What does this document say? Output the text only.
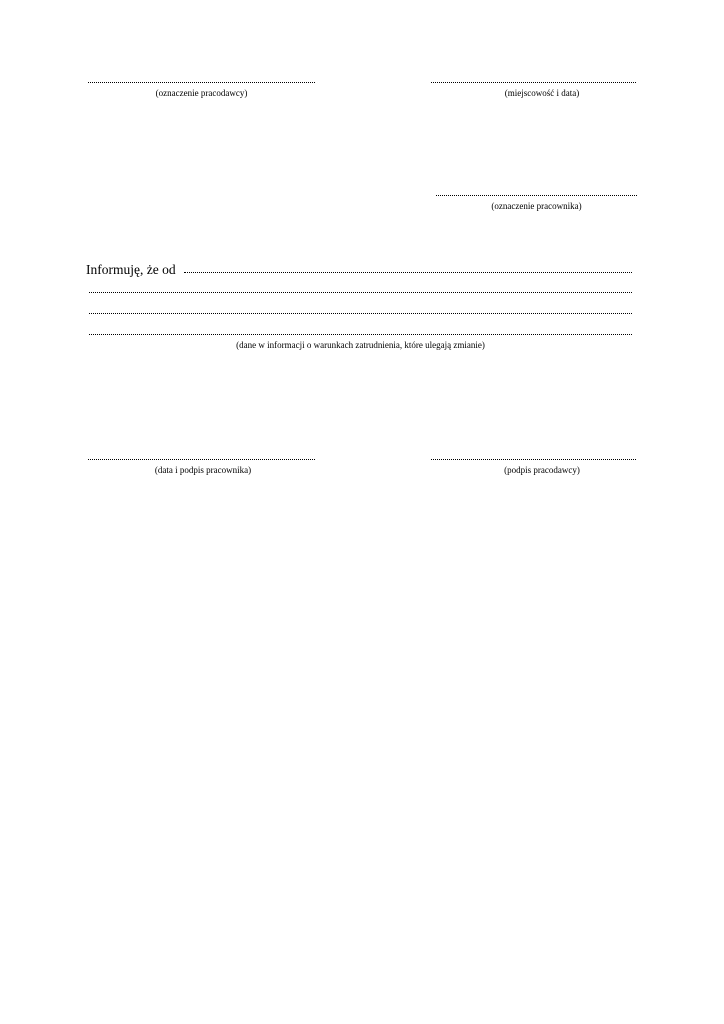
(oznaczenie pracodawcy)	(miejscowość i data)
(oznaczenie pracownika)
Informuję, że od
(dane w informacji o warunkach zatrudnienia, które ulegają zmianie)
(data i podpis pracownika)	(podpis pracodawcy)
